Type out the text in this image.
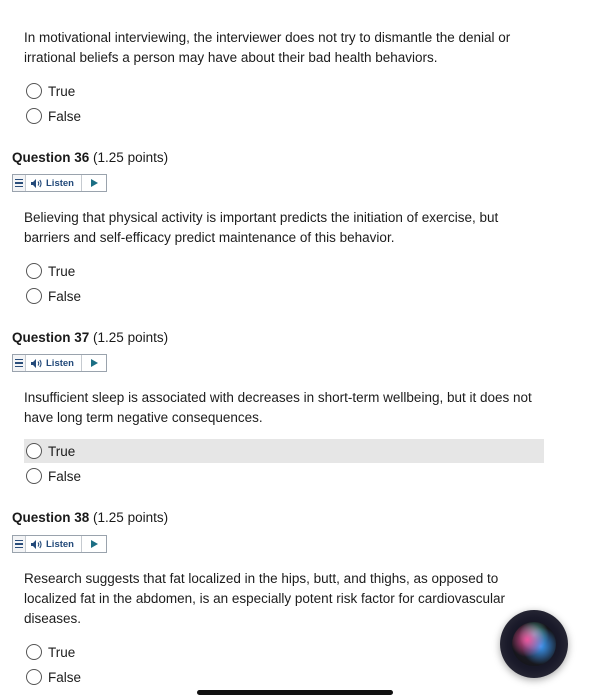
In motivational interviewing, the interviewer does not try to dismantle the denial or irrational beliefs a person may have about their bad health behaviors.
True
False
Question 36 (1.25 points)
Listen
Believing that physical activity is important predicts the initiation of exercise, but barriers and self-efficacy predict maintenance of this behavior.
True
False
Question 37 (1.25 points)
Listen
Insufficient sleep is associated with decreases in short-term wellbeing, but it does not have long term negative consequences.
True
False
Question 38 (1.25 points)
Listen
Research suggests that fat localized in the hips, butt, and thighs, as opposed to localized fat in the abdomen, is an especially potent risk factor for cardiovascular diseases.
True
False
